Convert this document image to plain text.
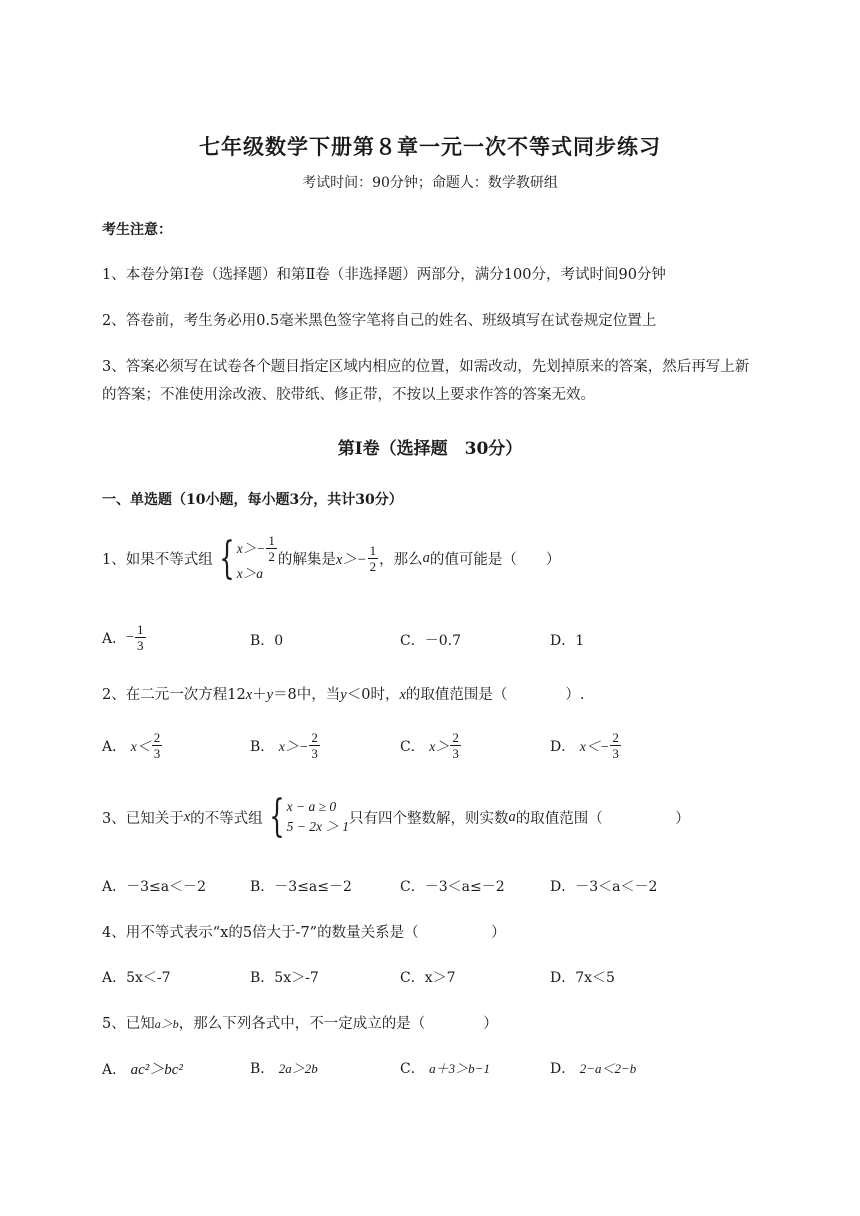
七年级数学下册第８章一元一次不等式同步练习
考试时间：90分钟；命题人：数学教研组
考生注意：
1、本卷分第Ⅰ卷（选择题）和第Ⅱ卷（非选择题）两部分，满分100分，考试时间90分钟
2、答卷前，考生务必用0.5毫米黑色签字笔将自己的姓名、班级填写在试卷规定位置上
3、答案必须写在试卷各个题目指定区域内相应的位置，如需改动，先划掉原来的答案，然后再写上新
的答案；不准使用涂改液、胶带纸、修正带，不按以上要求作答的答案无效。
第Ⅰ卷（选择题　30分）
一、单选题（10小题，每小题3分，共计30分）
1、如果不等式组 { $x>- \frac{1}{2}$
x＞a
的解集是 $x>- \frac{1}{2}$ ，那么 a 的值可能是（　　）
A． − $\frac{1}{3}$	B．0	C．－0.7	D．1
2、在二元一次方程12x＋y＝8中，当y＜0时，x的取值范围是（　　　　）.
A．
$x< \frac{2}{3}$	B．
$x>- \frac{2}{3}$	C．
$x> \frac{2}{3}$	D．
$x<- \frac{2}{3}$
3、已知关于 x 的不等式组 { x − a ≥ 0
5 − 2x ＞ 1 只有四个整数解，则实数 a 的取值范围（　　　　　）
A．－3≤a＜－2	B．－3≤a≤－2	C．－3＜a≤－2	D．－3＜a＜－2
4、用不等式表示“x的5倍大于-7”的数量关系是（　　　　　）
A．5x＜-7	B．5x＞-7	C．x＞7	D．7x＜5
5、已知a＞b，那么下列各式中，不一定成立的是（　　　　）
A． ac²＞bc²	B． 2a＞2b	C． a＋3＞b−1	D． 2−a＜2−b
